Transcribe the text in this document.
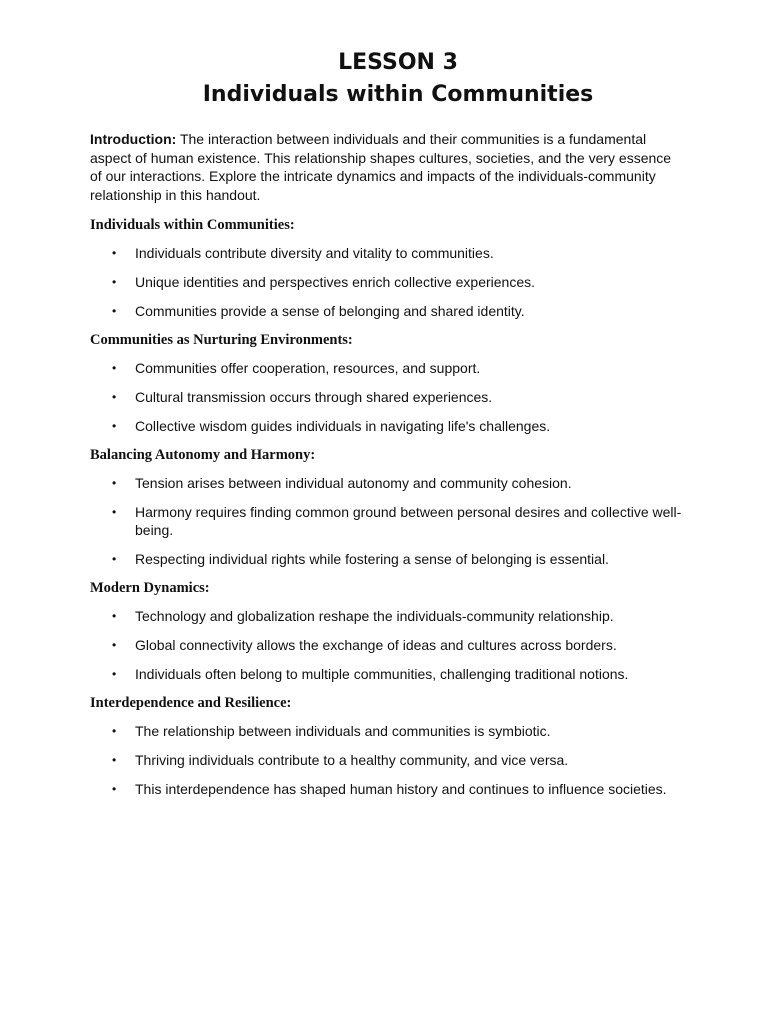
LESSON 3
Individuals within Communities

Introduction: The interaction between individuals and their communities is a fundamental aspect of human existence. This relationship shapes cultures, societies, and the very essence of our interactions. Explore the intricate dynamics and impacts of the individuals-community relationship in this handout.

Individuals within Communities:
• Individuals contribute diversity and vitality to communities.
• Unique identities and perspectives enrich collective experiences.
• Communities provide a sense of belonging and shared identity.
Communities as Nurturing Environments:
• Communities offer cooperation, resources, and support.
• Cultural transmission occurs through shared experiences.
• Collective wisdom guides individuals in navigating life's challenges.
Balancing Autonomy and Harmony:
• Tension arises between individual autonomy and community cohesion.
• Harmony requires finding common ground between personal desires and collective well-being.
• Respecting individual rights while fostering a sense of belonging is essential.
Modern Dynamics:
• Technology and globalization reshape the individuals-community relationship.
• Global connectivity allows the exchange of ideas and cultures across borders.
• Individuals often belong to multiple communities, challenging traditional notions.
Interdependence and Resilience:
• The relationship between individuals and communities is symbiotic.
• Thriving individuals contribute to a healthy community, and vice versa.
• This interdependence has shaped human history and continues to influence societies.
